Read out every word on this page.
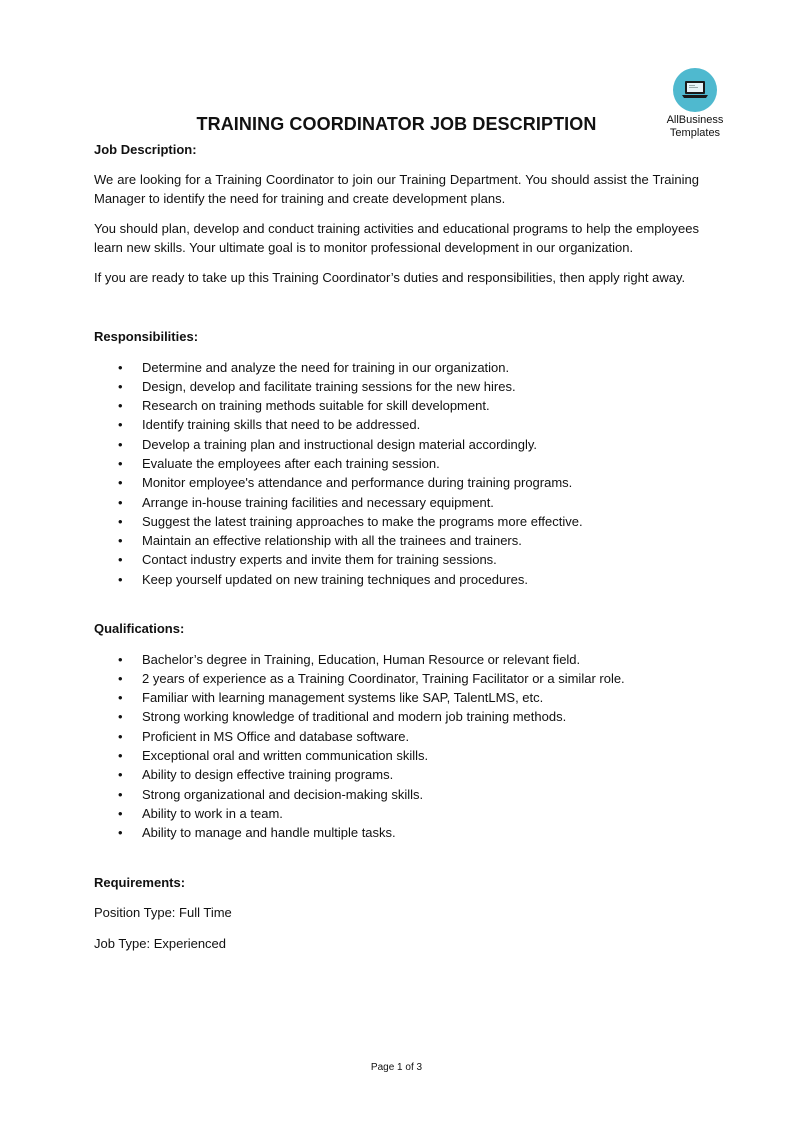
AllBusiness
Templates
TRAINING COORDINATOR JOB DESCRIPTION
Job Description:

We are looking for a Training Coordinator to join our Training Department. You should assist the Training Manager to identify the need for training and create development plans.

You should plan, develop and conduct training activities and educational programs to help the employees learn new skills. Your ultimate goal is to monitor professional development in our organization.

If you are ready to take up this Training Coordinator’s duties and responsibilities, then apply right away.

Responsibilities:
• Determine and analyze the need for training in our organization.
• Design, develop and facilitate training sessions for the new hires.
• Research on training methods suitable for skill development.
• Identify training skills that need to be addressed.
• Develop a training plan and instructional design material accordingly.
• Evaluate the employees after each training session.
• Monitor employee's attendance and performance during training programs.
• Arrange in-house training facilities and necessary equipment.
• Suggest the latest training approaches to make the programs more effective.
• Maintain an effective relationship with all the trainees and trainers.
• Contact industry experts and invite them for training sessions.
• Keep yourself updated on new training techniques and procedures.
Qualifications:
• Bachelor’s degree in Training, Education, Human Resource or relevant field.
• 2 years of experience as a Training Coordinator, Training Facilitator or a similar role.
• Familiar with learning management systems like SAP, TalentLMS, etc.
• Strong working knowledge of traditional and modern job training methods.
• Proficient in MS Office and database software.
• Exceptional oral and written communication skills.
• Ability to design effective training programs.
• Strong organizational and decision-making skills.
• Ability to work in a team.
• Ability to manage and handle multiple tasks.
Requirements:

Position Type: Full Time

Job Type: Experienced

Page 1 of 3
